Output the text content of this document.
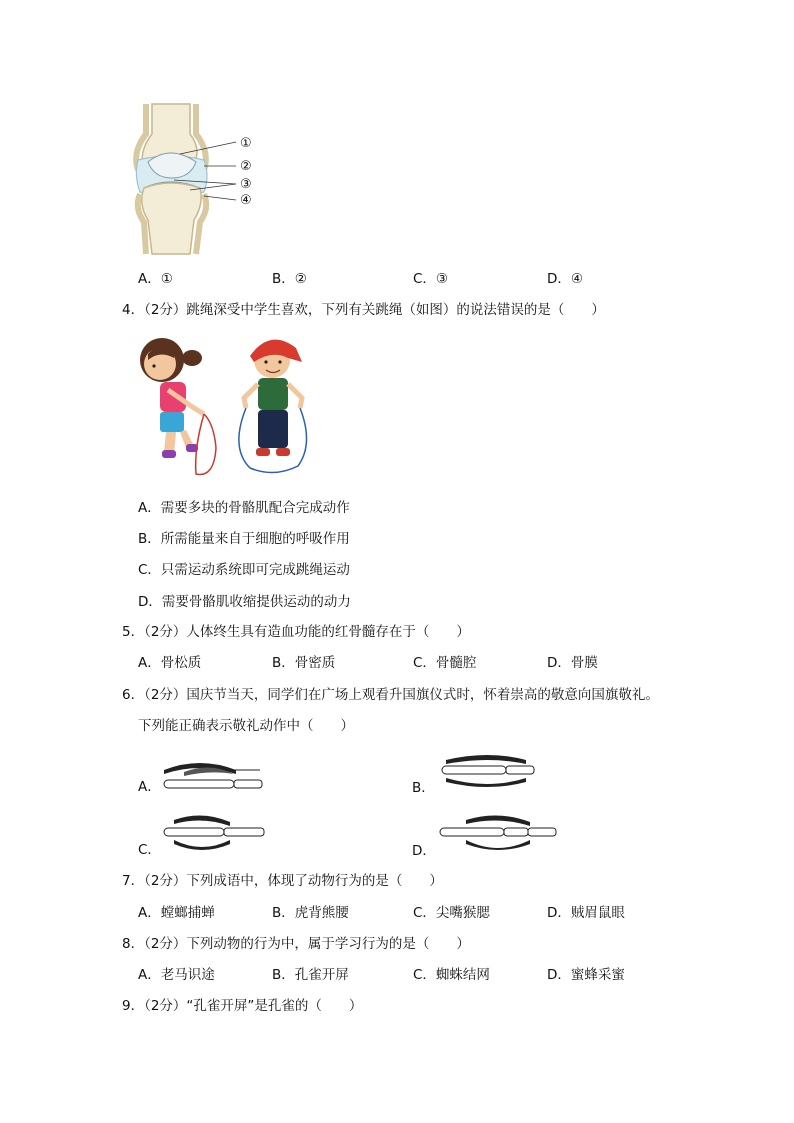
①
②
③
④
A．①	B．②	C．③	D．④
4．（2分）跳绳深受中学生喜欢，下列有关跳绳（如图）的说法错误的是（　　）
A．需要多块的骨骼肌配合完成动作
B．所需能量来自于细胞的呼吸作用
C．只需运动系统即可完成跳绳运动
D．需要骨骼肌收缩提供运动的动力
5．（2分）人体终生具有造血功能的红骨髓存在于（　　）
A．骨松质	B．骨密质	C．骨髓腔	D．骨膜
6．（2分）国庆节当天，同学们在广场上观看升国旗仪式时，怀着崇高的敬意向国旗敬礼。
下列能正确表示敬礼动作中（　　）
A．	B．
C．	D．
7．（2分）下列成语中，体现了动物行为的是（　　）
A．螳螂捕蝉	B．虎背熊腰	C．尖嘴猴腮	D．贼眉鼠眼
8．（2分）下列动物的行为中，属于学习行为的是（　　）
A．老马识途	B．孔雀开屏	C．蜘蛛结网	D．蜜蜂采蜜
9．（2分）“孔雀开屏”是孔雀的（　　）
